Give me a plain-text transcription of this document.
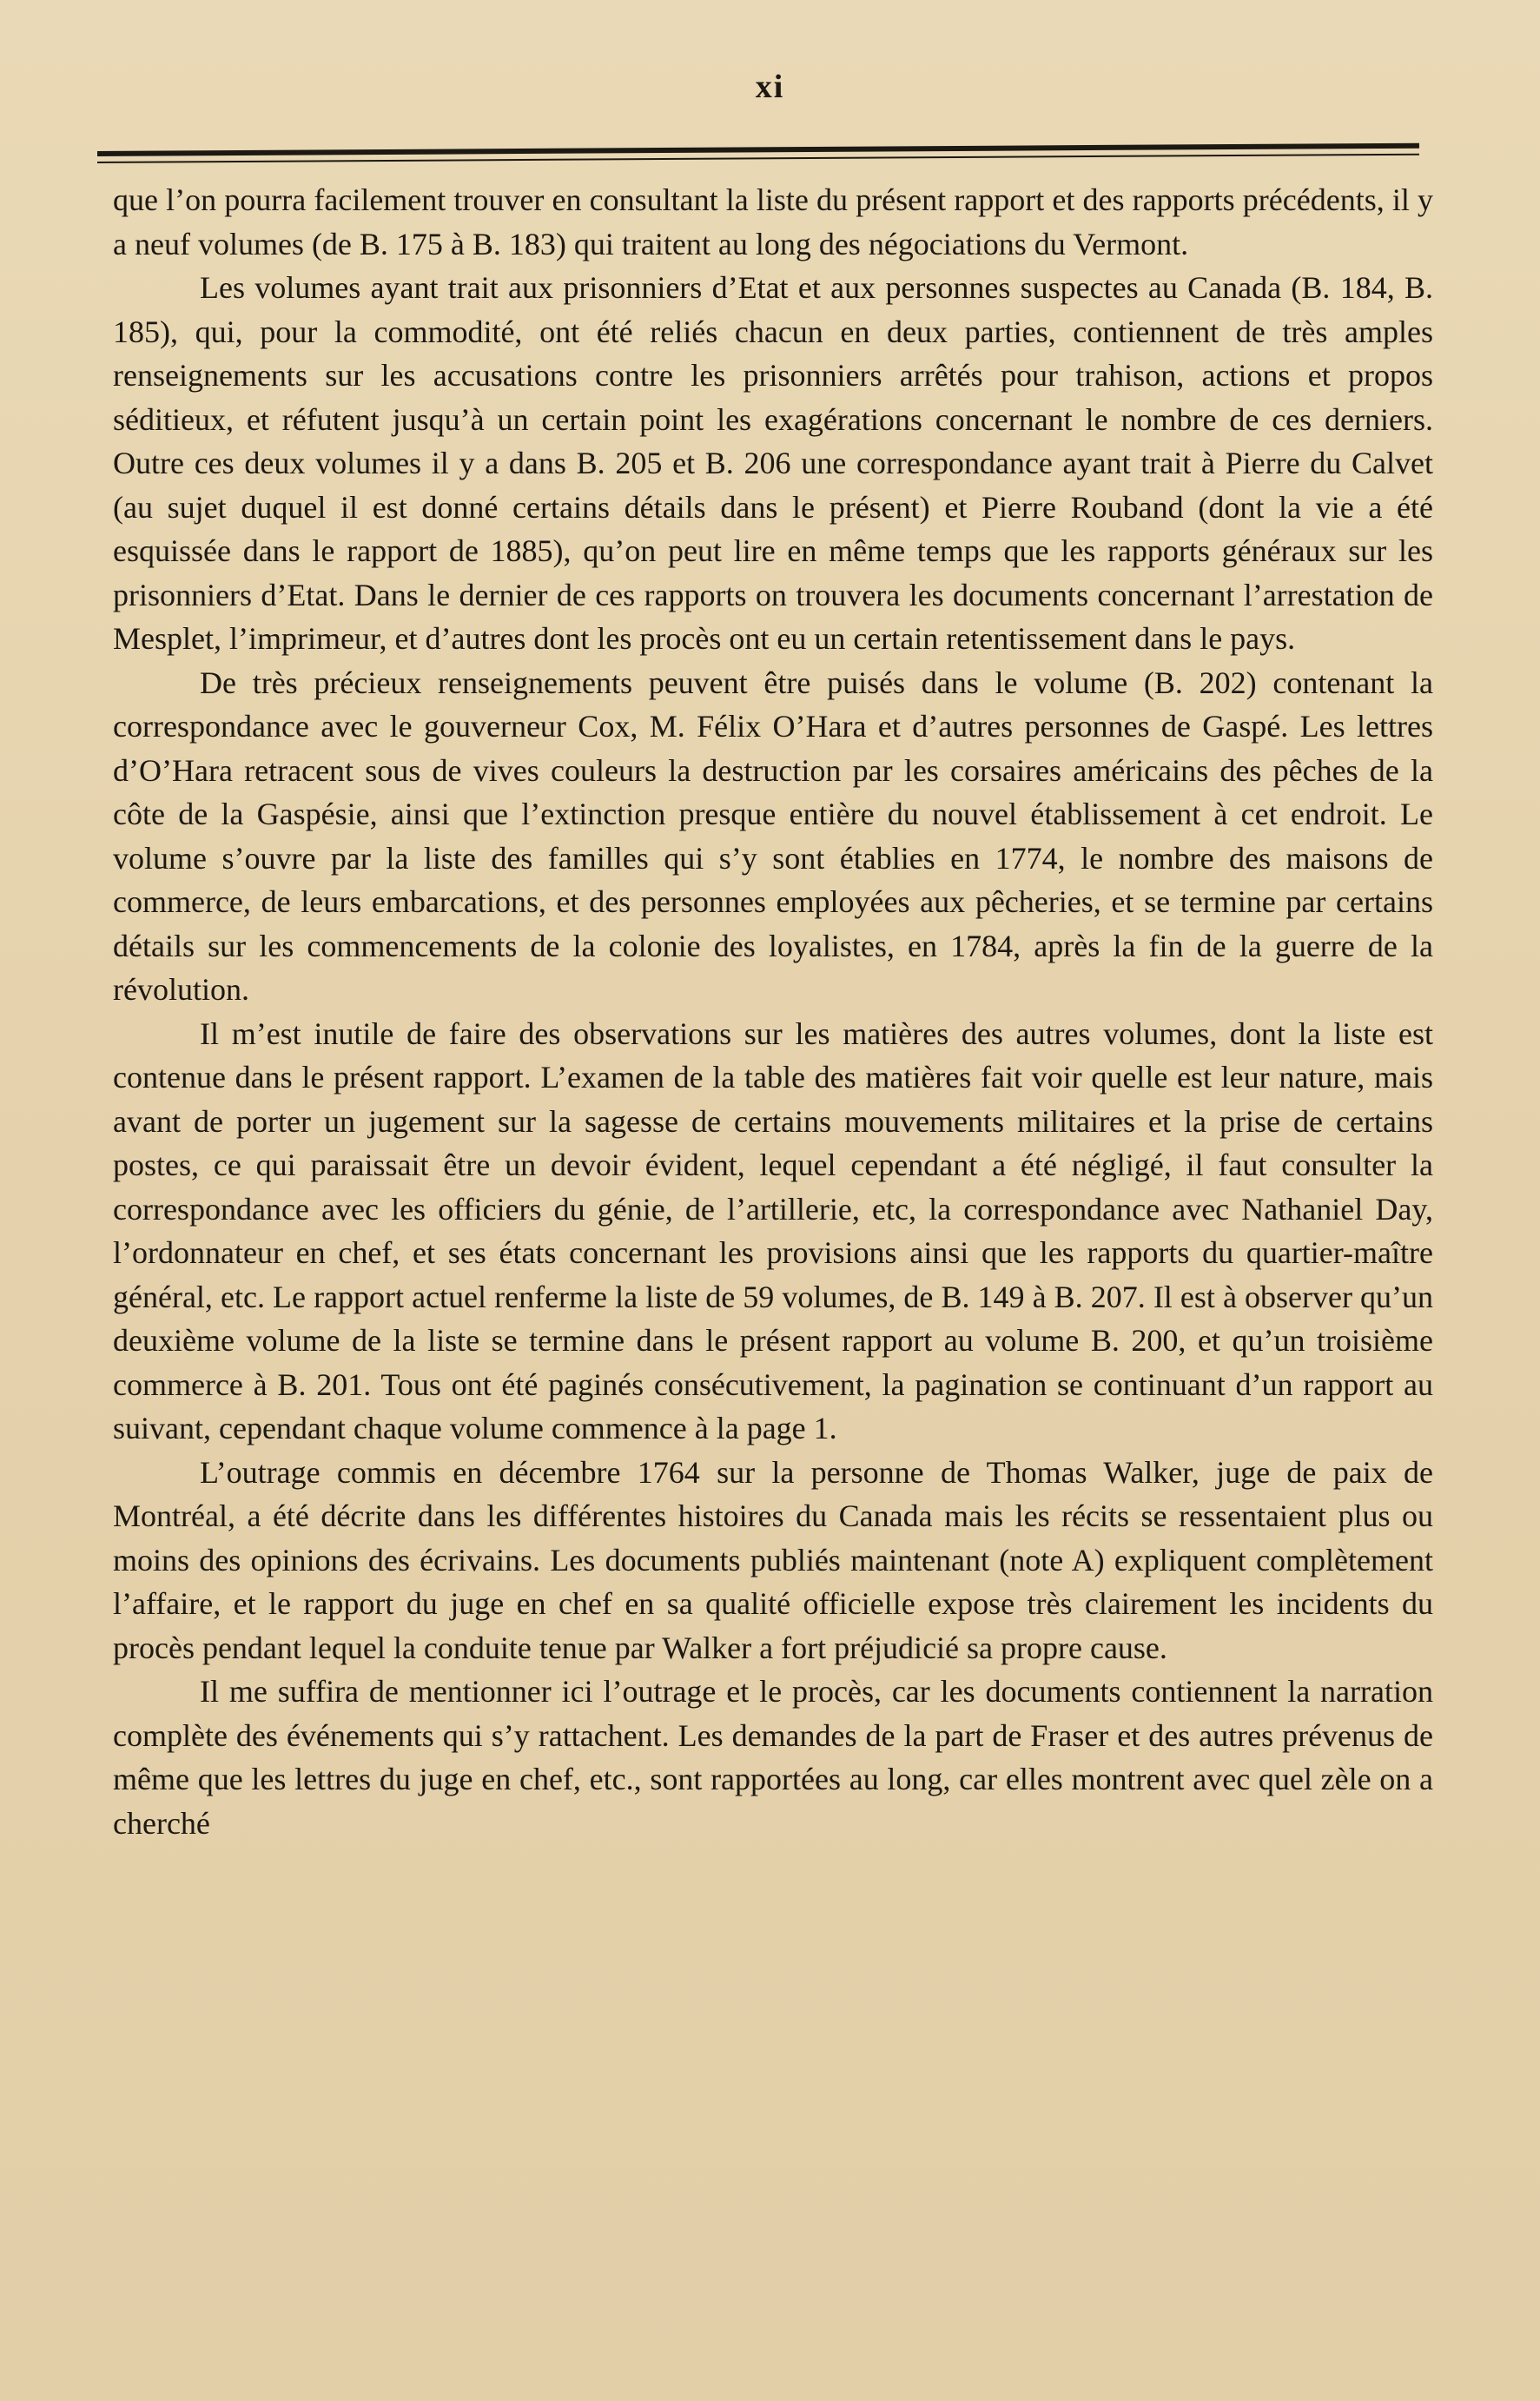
xi

que l’on pourra facilement trouver en consultant la liste du présent rapport et des rapports précédents, il y a neuf volumes (de B. 175 à B. 183) qui traitent au long des négociations du Vermont.

Les volumes ayant trait aux prisonniers d’Etat et aux personnes suspectes au Canada (B. 184, B. 185), qui, pour la commodité, ont été reliés chacun en deux parties, contiennent de très amples renseignements sur les accusations contre les prisonniers arrêtés pour trahison, actions et propos séditieux, et réfutent jusqu’à un certain point les exagérations concernant le nombre de ces derniers. Outre ces deux volumes il y a dans B. 205 et B. 206 une correspondance ayant trait à Pierre du Calvet (au sujet duquel il est donné certains détails dans le présent) et Pierre Rouband (dont la vie a été esquissée dans le rapport de 1885), qu’on peut lire en même temps que les rapports généraux sur les prisonniers d’Etat. Dans le dernier de ces rapports on trouvera les documents concernant l’arrestation de Mesplet, l’imprimeur, et d’autres dont les procès ont eu un certain retentissement dans le pays.

De très précieux renseignements peuvent être puisés dans le volume (B. 202) contenant la correspondance avec le gouverneur Cox, M. Félix O’Hara et d’autres personnes de Gaspé. Les lettres d’O’Hara retracent sous de vives couleurs la destruction par les corsaires américains des pêches de la côte de la Gaspésie, ainsi que l’extinction presque entière du nouvel établissement à cet endroit. Le volume s’ouvre par la liste des familles qui s’y sont établies en 1774, le nombre des maisons de commerce, de leurs embarcations, et des personnes employées aux pêcheries, et se termine par certains détails sur les commencements de la colonie des loyalistes, en 1784, après la fin de la guerre de la révolution.

Il m’est inutile de faire des observations sur les matières des autres volumes, dont la liste est contenue dans le présent rapport. L’examen de la table des matières fait voir quelle est leur nature, mais avant de porter un jugement sur la sagesse de certains mouvements militaires et la prise de certains postes, ce qui paraissait être un devoir évident, lequel cependant a été négligé, il faut consulter la correspondance avec les officiers du génie, de l’artillerie, etc, la correspondance avec Nathaniel Day, l’ordonnateur en chef, et ses états concernant les provisions ainsi que les rapports du quartier-maître général, etc. Le rapport actuel renferme la liste de 59 volumes, de B. 149 à B. 207. Il est à observer qu’un deuxième volume de la liste se termine dans le présent rapport au volume B. 200, et qu’un troisième commerce à B. 201. Tous ont été paginés consécutivement, la pagination se continuant d’un rapport au suivant, cependant chaque volume commence à la page 1.

L’outrage commis en décembre 1764 sur la personne de Thomas Walker, juge de paix de Montréal, a été décrite dans les différentes histoires du Canada mais les récits se ressentaient plus ou moins des opinions des écrivains. Les documents publiés maintenant (note A) expliquent complètement l’affaire, et le rapport du juge en chef en sa qualité officielle expose très clairement les incidents du procès pendant lequel la conduite tenue par Walker a fort préjudicié sa propre cause.

Il me suffira de mentionner ici l’outrage et le procès, car les documents contiennent la narration complète des événements qui s’y rattachent. Les demandes de la part de Fraser et des autres prévenus de même que les lettres du juge en chef, etc., sont rapportées au long, car elles montrent avec quel zèle on a cherché
